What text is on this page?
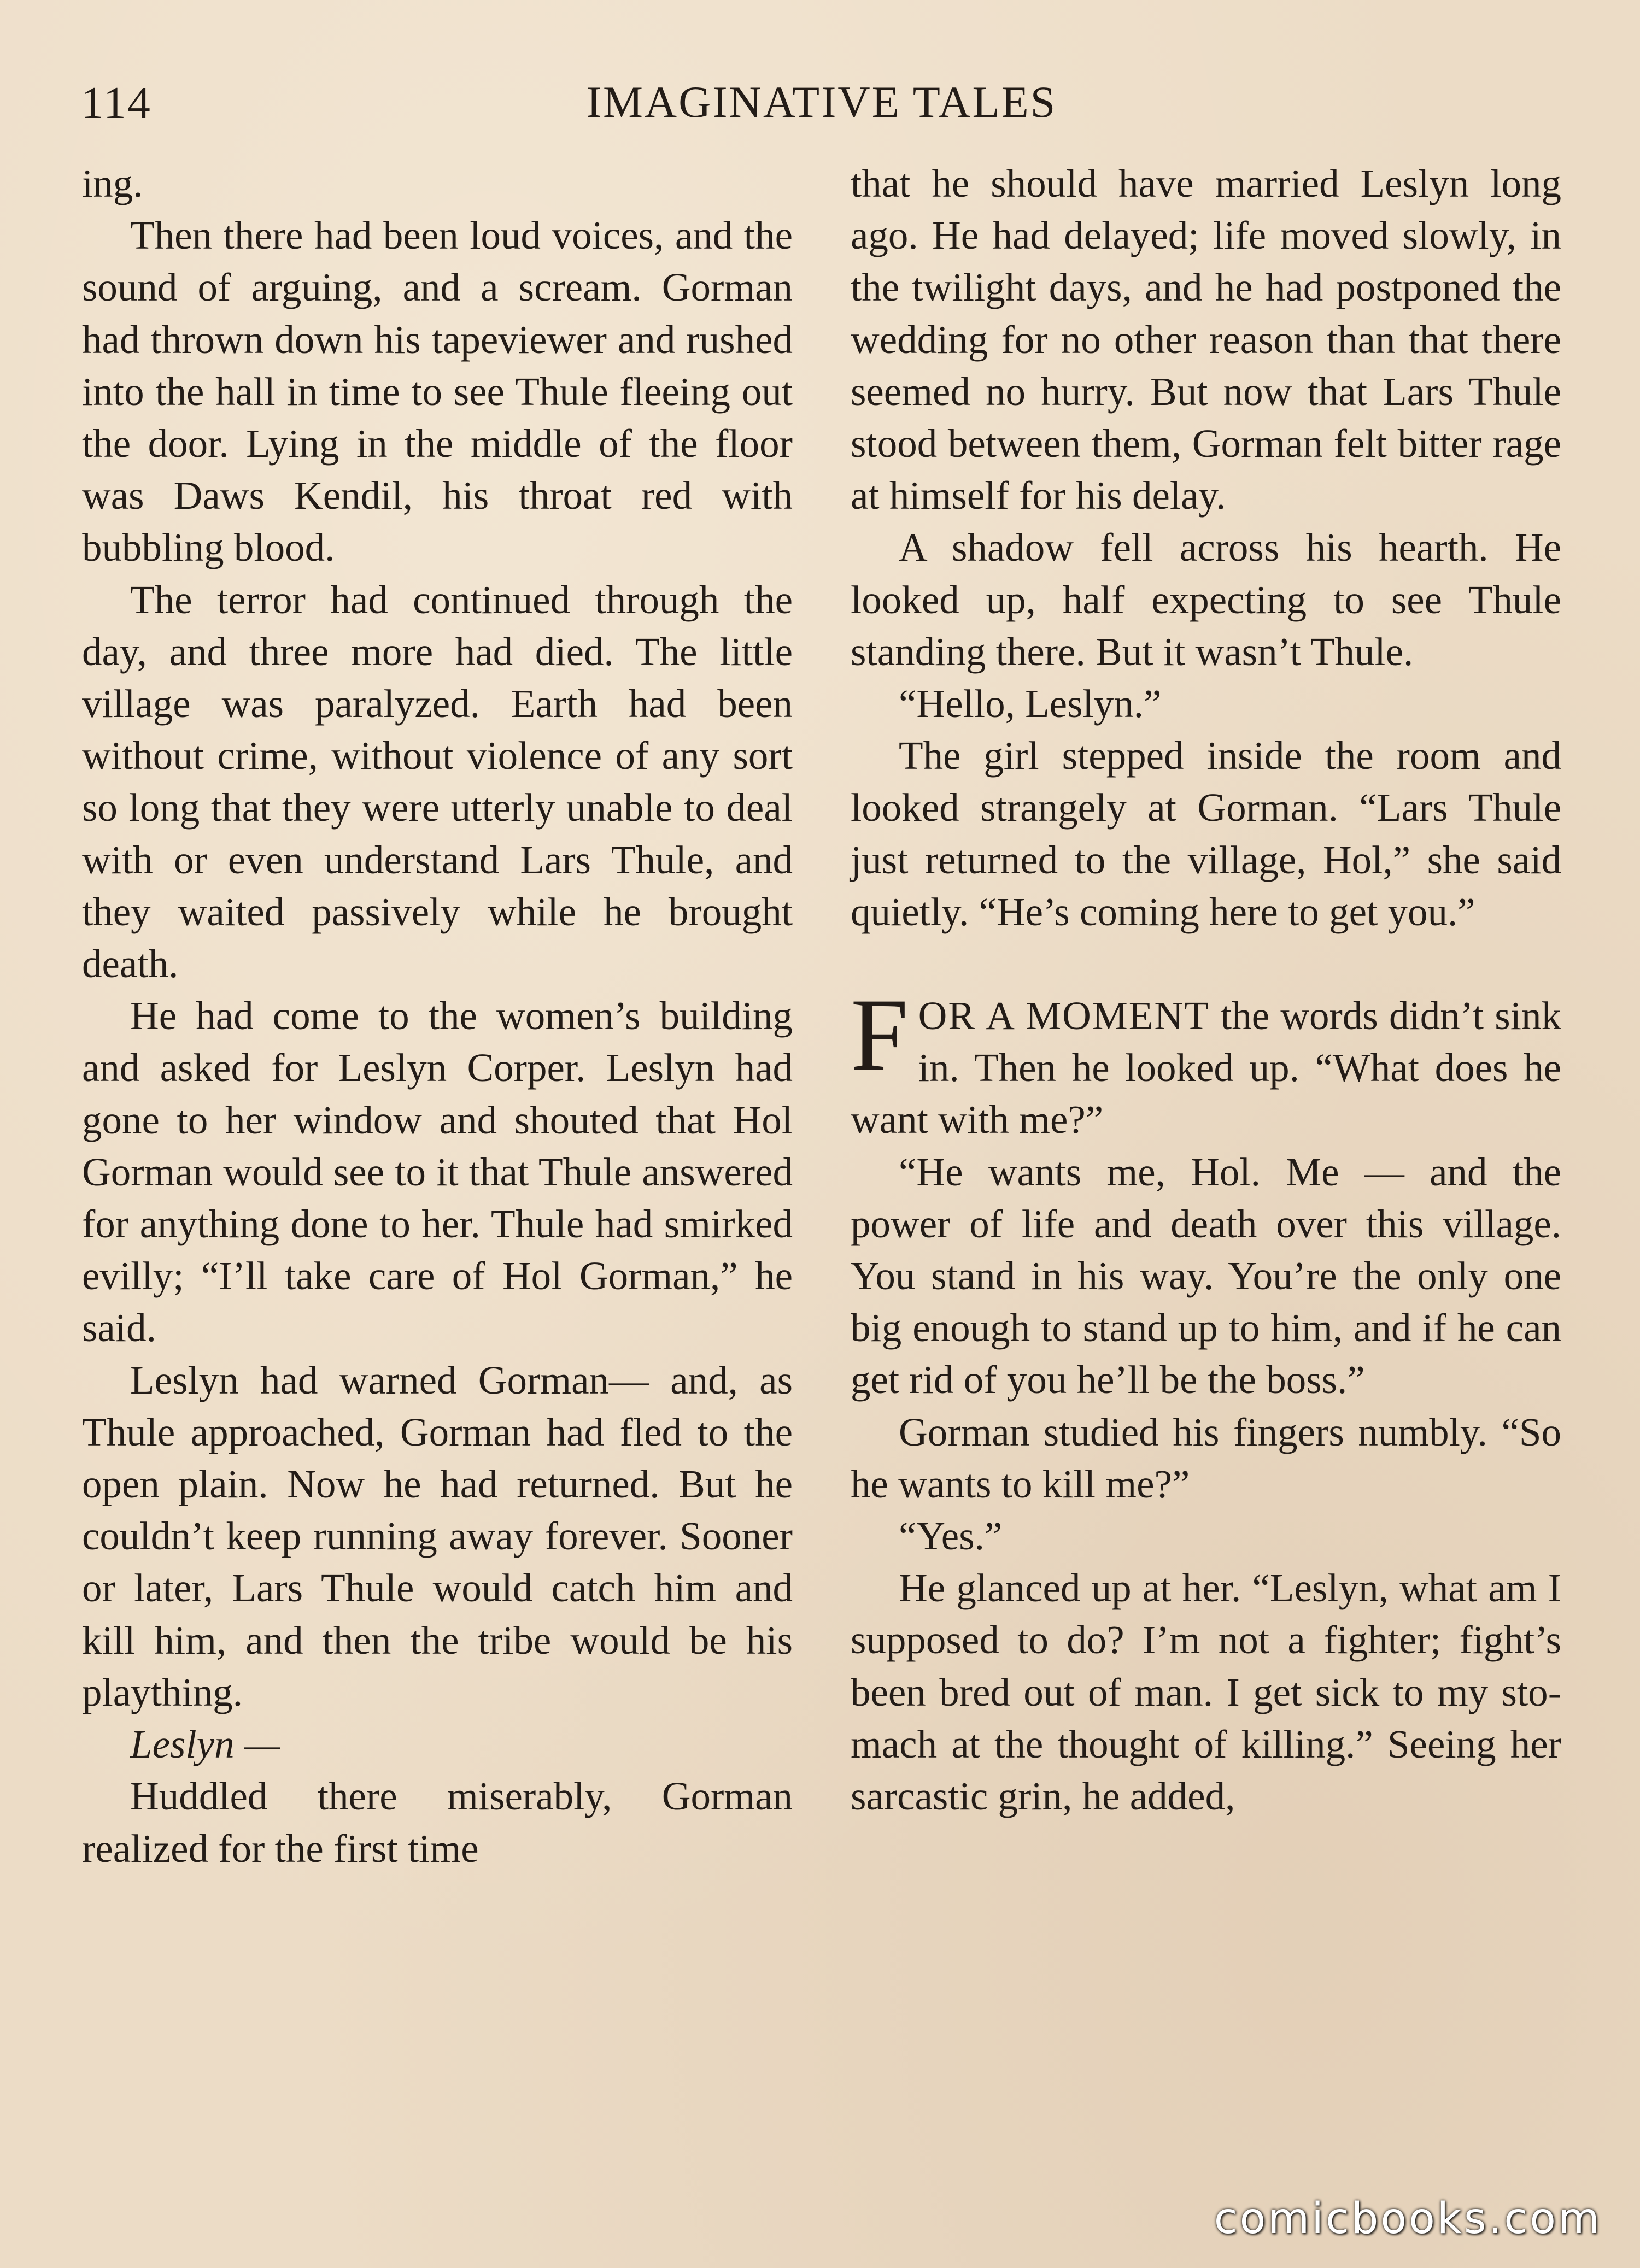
114	IMAGINATIVE TALES

ing.

Then there had been loud voices, and the sound of arguing, and a scream. Gorman had thrown down his tapeviewer and rushed into the hall in time to see Thule fleeing out the door. Lying in the middle of the floor was Daws Kendil, his throat red with bubbling blood.

The terror had continued through the day, and three more had died. The little village was paralyzed. Earth had been without crime, without violence of any sort so long that they were utterly unable to deal with or even understand Lars Thule, and they waited passively while he brought death.

He had come to the women’s building and asked for Leslyn Corper. Leslyn had gone to her window and shouted that Hol Gorman would see to it that Thule answered for anything done to her. Thule had smirked evilly; “I’ll take care of Hol Gorman,” he said.

Leslyn had warned Gorman— and, as Thule approached, Gorman had fled to the open plain. Now he had returned. But he couldn’t keep running away forever. Sooner or later, Lars Thule would catch him and kill him, and then the tribe would be his plaything.

Leslyn —

Huddled there miserably, Gorman realized for the first time

that he should have married Leslyn long ago. He had delayed; life moved slowly, in the twilight days, and he had postponed the wedding for no other reason than that there seemed no hurry. But now that Lars Thule stood between them, Gorman felt bitter rage at himself for his delay.

A shadow fell across his hearth. He looked up, half expecting to see Thule standing there. But it wasn’t Thule.

“Hello, Leslyn.”

The girl stepped inside the room and looked strangely at Gorman. “Lars Thule just returned to the village, Hol,” she said quietly. “He’s coming here to get you.”

FOR A MOMENT the words didn’t sink in. Then he looked up. “What does he want with me?”

“He wants me, Hol. Me — and the power of life and death over this village. You stand in his way. You’re the only one big enough to stand up to him, and if he can get rid of you he’ll be the boss.”

Gorman studied his fingers numbly. “So he wants to kill me?”

“Yes.”

He glanced up at her. “Leslyn, what am I supposed to do? I’m not a fighter; fight’s been bred out of man. I get sick to my stomach at the thought of killing.” Seeing her sarcastic grin, he added,

comicbooks.com
